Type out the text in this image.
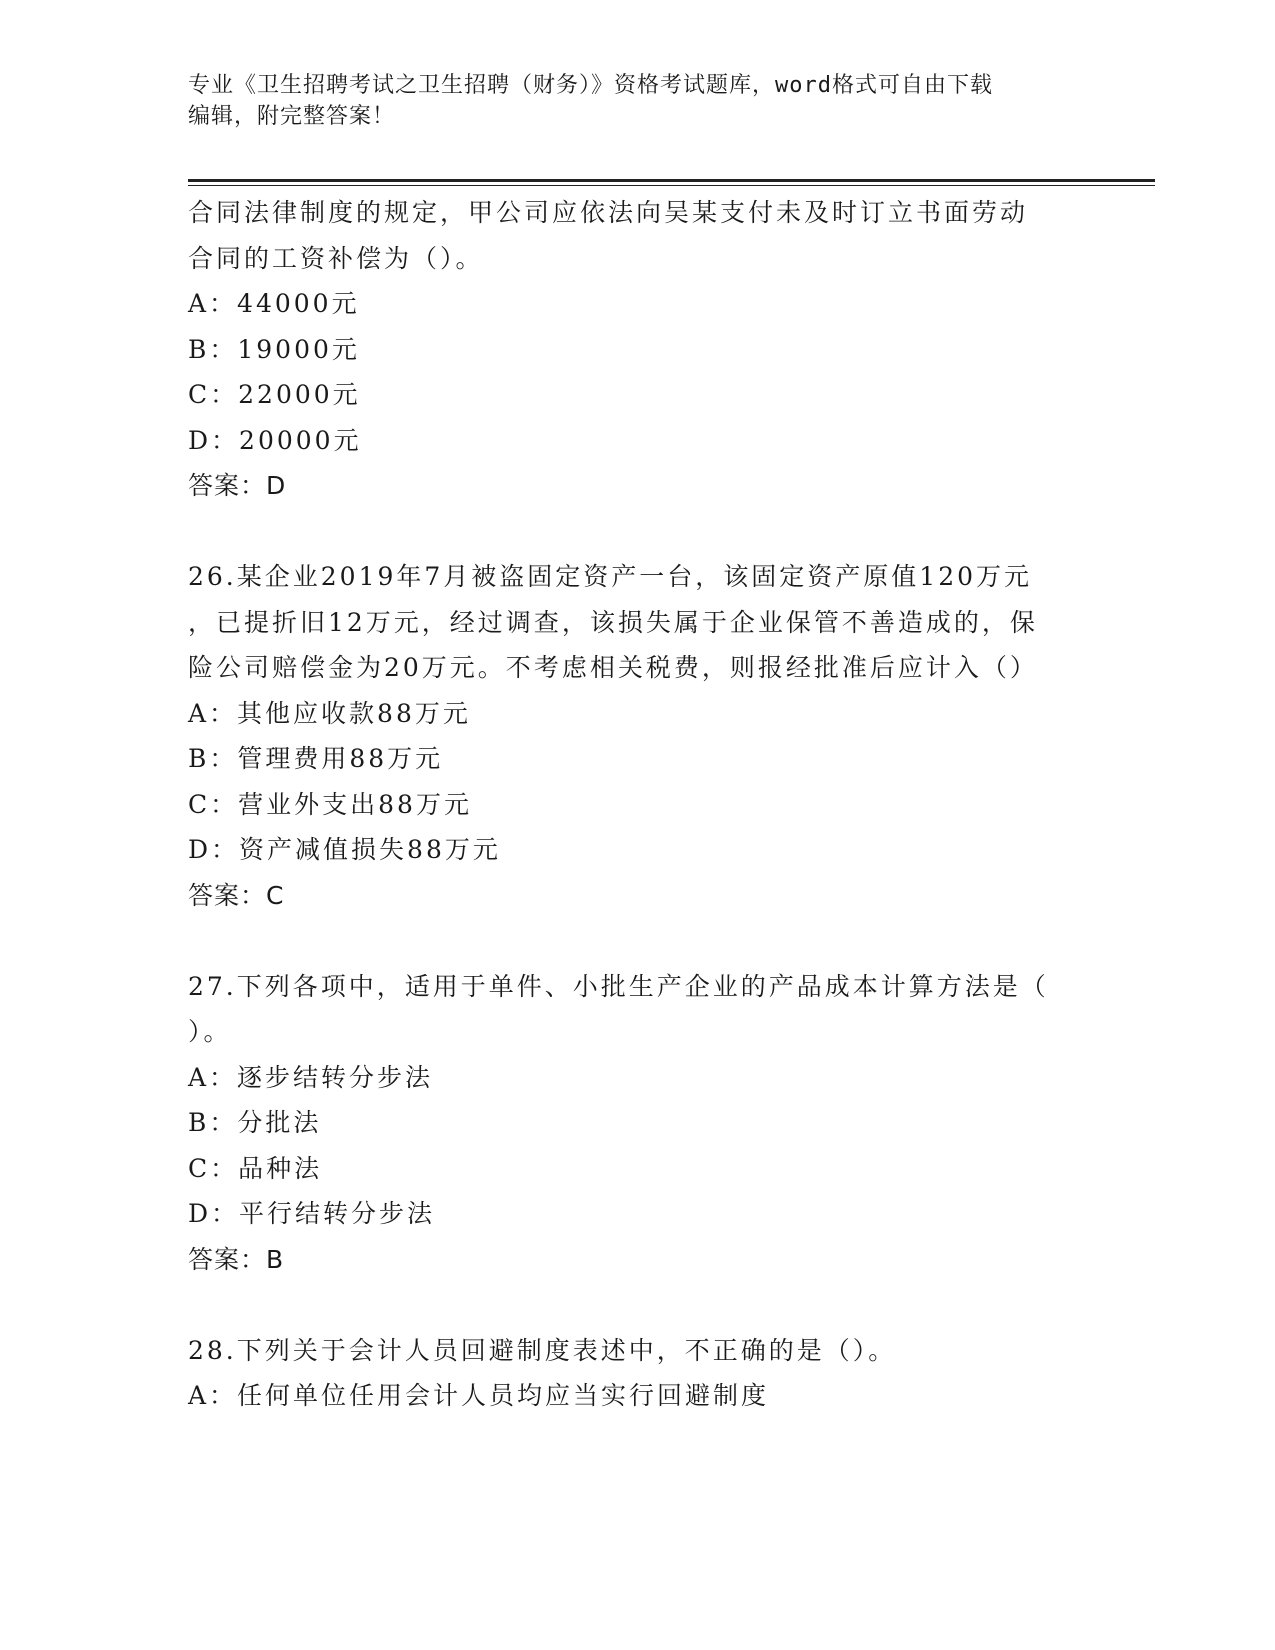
专业《卫生招聘考试之卫生招聘（财务）》资格考试题库，word格式可自由下载
编辑，附完整答案！
合同法律制度的规定，甲公司应依法向吴某支付未及时订立书面劳动
合同的工资补偿为（）。
A：44000元
B：19000元
C：22000元
D：20000元
答案：D
26.某企业2019年7月被盗固定资产一台，该固定资产原值120万元
，已提折旧12万元，经过调查，该损失属于企业保管不善造成的，保
险公司赔偿金为20万元。不考虑相关税费，则报经批准后应计入（）
A：其他应收款88万元
B：管理费用88万元
C：营业外支出88万元
D：资产减值损失88万元
答案：C
27.下列各项中，适用于单件、小批生产企业的产品成本计算方法是（
）。
A：逐步结转分步法
B：分批法
C：品种法
D：平行结转分步法
答案：B
28.下列关于会计人员回避制度表述中，不正确的是（）。
A：任何单位任用会计人员均应当实行回避制度
